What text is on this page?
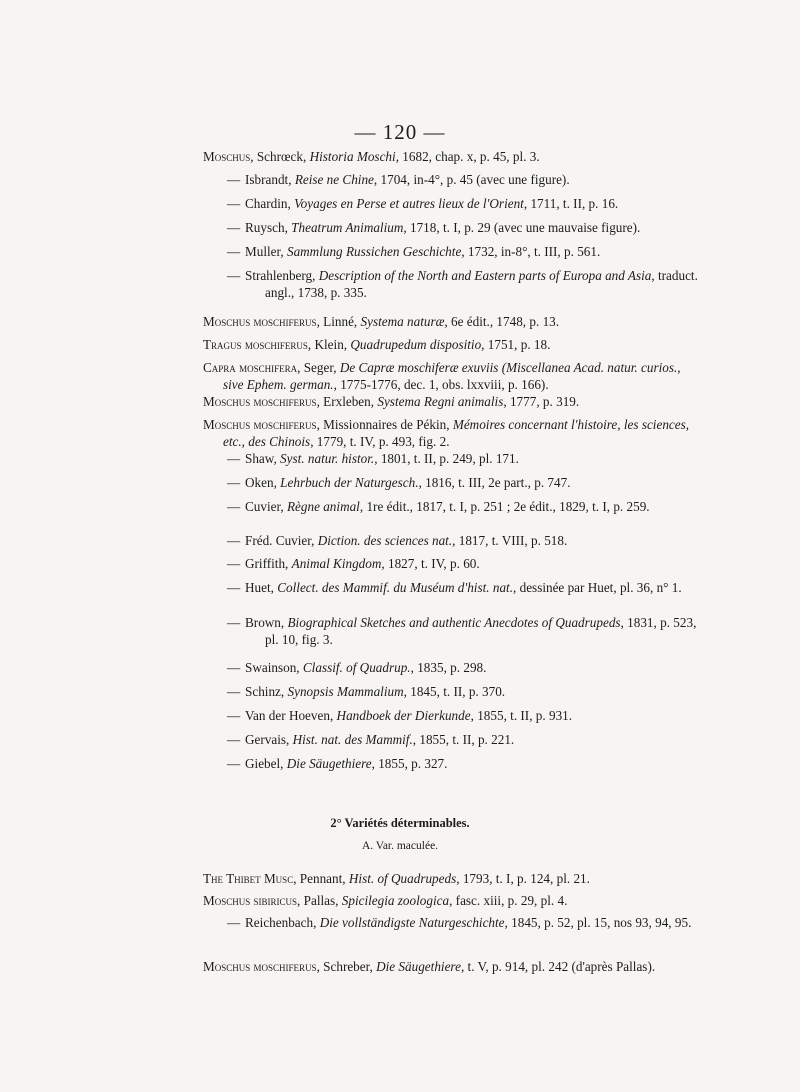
— 120 —
Moschus, Schrœck, Historia Moschi, 1682, chap. x, p. 45, pl. 3.
— Isbrandt, Reise ne Chine, 1704, in-4°, p. 45 (avec une figure).
— Chardin, Voyages en Perse et autres lieux de l'Orient, 1711, t. II, p. 16.
— Ruysch, Theatrum Animalium, 1718, t. I, p. 29 (avec une mauvaise figure).
— Muller, Sammlung Russichen Geschichte, 1732, in-8°, t. III, p. 561.
— Strahlenberg, Description of the North and Eastern parts of Europa and Asia, traduct. angl., 1738, p. 335.
Moschus moschiferus, Linné, Systema naturæ, 6e édit., 1748, p. 13.
Tragus moschiferus, Klein, Quadrupedum dispositio, 1751, p. 18.
Capra moschifera, Seger, De Capræ moschiferæ exuviis (Miscellanea Acad. natur. curios., sive Ephem. german., 1775-1776, dec. 1, obs. lxxviii, p. 166).
Moschus moschiferus, Erxleben, Systema Regni animalis, 1777, p. 319.
Moschus moschiferus, Missionnaires de Pékin, Mémoires concernant l'histoire, les sciences, etc., des Chinois, 1779, t. IV, p. 493, fig. 2.
— Shaw, Syst. natur. histor., 1801, t. II, p. 249, pl. 171.
— Oken, Lehrbuch der Naturgesch., 1816, t. III, 2e part., p. 747.
— Cuvier, Règne animal, 1re édit., 1817, t. I, p. 251 ; 2e édit., 1829, t. I, p. 259.
— Fréd. Cuvier, Diction. des sciences nat., 1817, t. VIII, p. 518.
— Griffith, Animal Kingdom, 1827, t. IV, p. 60.
— Huet, Collect. des Mammif. du Muséum d'hist. nat., dessinée par Huet, pl. 36, n° 1.
— Brown, Biographical Sketches and authentic Anecdotes of Quadrupeds, 1831, p. 523, pl. 10, fig. 3.
— Swainson, Classif. of Quadrup., 1835, p. 298.
— Schinz, Synopsis Mammalium, 1845, t. II, p. 370.
— Van der Hoeven, Handboek der Dierkunde, 1855, t. II, p. 931.
— Gervais, Hist. nat. des Mammif., 1855, t. II, p. 221.
— Giebel, Die Säugethiere, 1855, p. 327.
2° Variétés déterminables.
A. Var. maculée.
The Thibet Musc, Pennant, Hist. of Quadrupeds, 1793, t. I, p. 124, pl. 21.
Moschus sibiricus, Pallas, Spicilegia zoologica, fasc. xiii, p. 29, pl. 4.
— Reichenbach, Die vollständigste Naturgeschichte, 1845, p. 52, pl. 15, nos 93, 94, 95.
Moschus moschiferus, Schreber, Die Säugethiere, t. V, p. 914, pl. 242 (d'après Pallas).
